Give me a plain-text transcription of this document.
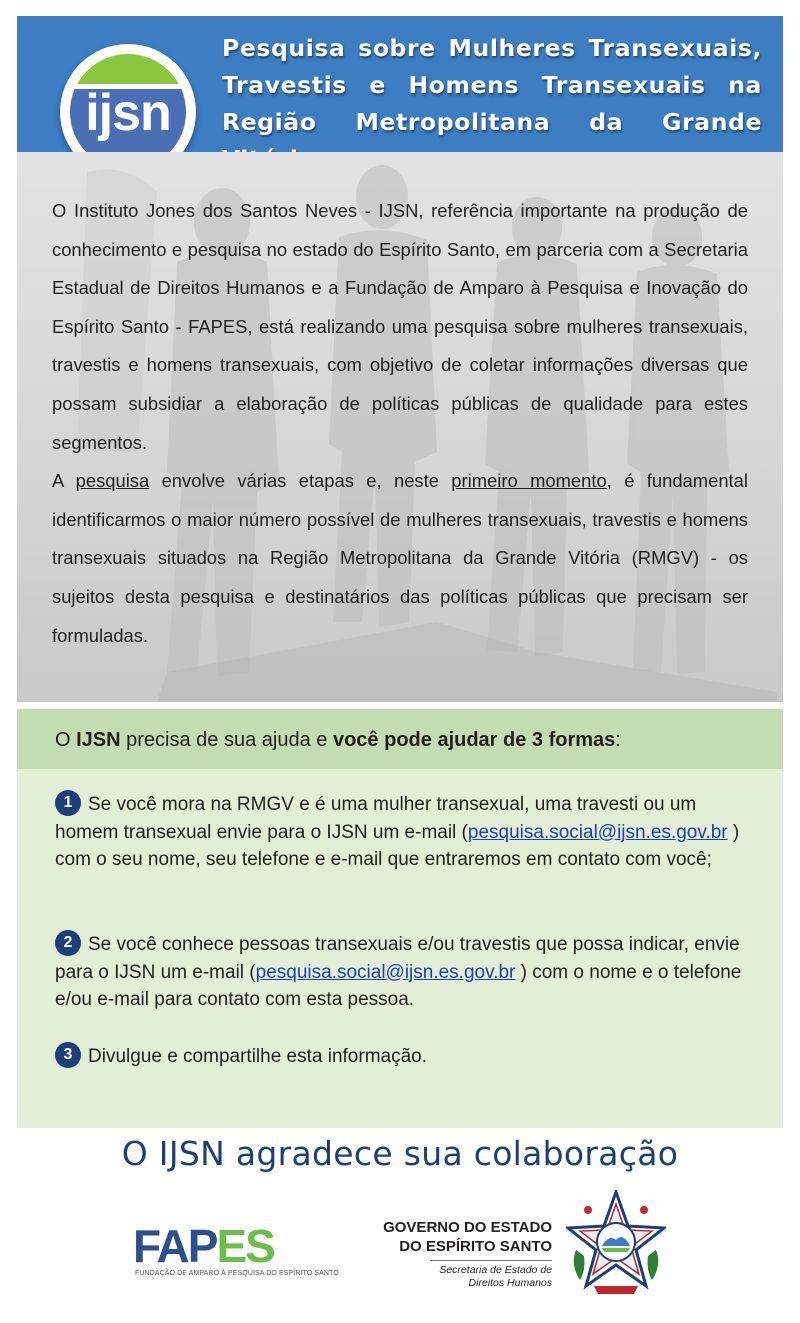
Pesquisa sobre Mulheres Transexuais,
Travestis e Homens Transexuais na
Região Metropolitana da Grande
ijsn

O Instituto Jones dos Santos Neves - IJSN, referência importante na produção de conhecimento e pesquisa no estado do Espírito Santo, em parceria com a Secretaria Estadual de Direitos Humanos e a Fundação de Amparo à Pesquisa e Inovação do Espírito Santo - FAPES, está realizando uma pesquisa sobre mulheres transexuais, travestis e homens transexuais, com objetivo de coletar informações diversas que possam subsidiar a elaboração de políticas públicas de qualidade para estes segmentos.

A pesquisa envolve várias etapas e, neste primeiro momento, é fundamental identificarmos o maior número possível de mulheres transexuais, travestis e homens transexuais situados na Região Metropolitana da Grande Vitória (RMGV) - os sujeitos desta pesquisa e destinatários das políticas públicas que precisam ser formuladas.

O IJSN precisa de sua ajuda e você pode ajudar de 3 formas:
1 Se você mora na RMGV e é uma mulher transexual, uma travesti ou um homem transexual envie para o IJSN um e-mail (pesquisa.social@ijsn.es.gov.br ) com o seu nome, seu telefone e e-mail que entraremos em contato com você;
2 Se você conhece pessoas transexuais e/ou travestis que possa indicar, envie para o IJSN um e-mail (pesquisa.social@ijsn.es.gov.br ) com o nome e o telefone e/ou e-mail para contato com esta pessoa.
3 Divulgue e compartilhe esta informação.
O IJSN agradece sua colaboração
FAPES
FUNDAÇÃO DE AMPARO À PESQUISA DO ESPÍRITO SANTO
GOVERNO DO ESTADO
DO ESPÍRITO SANTO
Secretaria de Estado de
Direitos Humanos
